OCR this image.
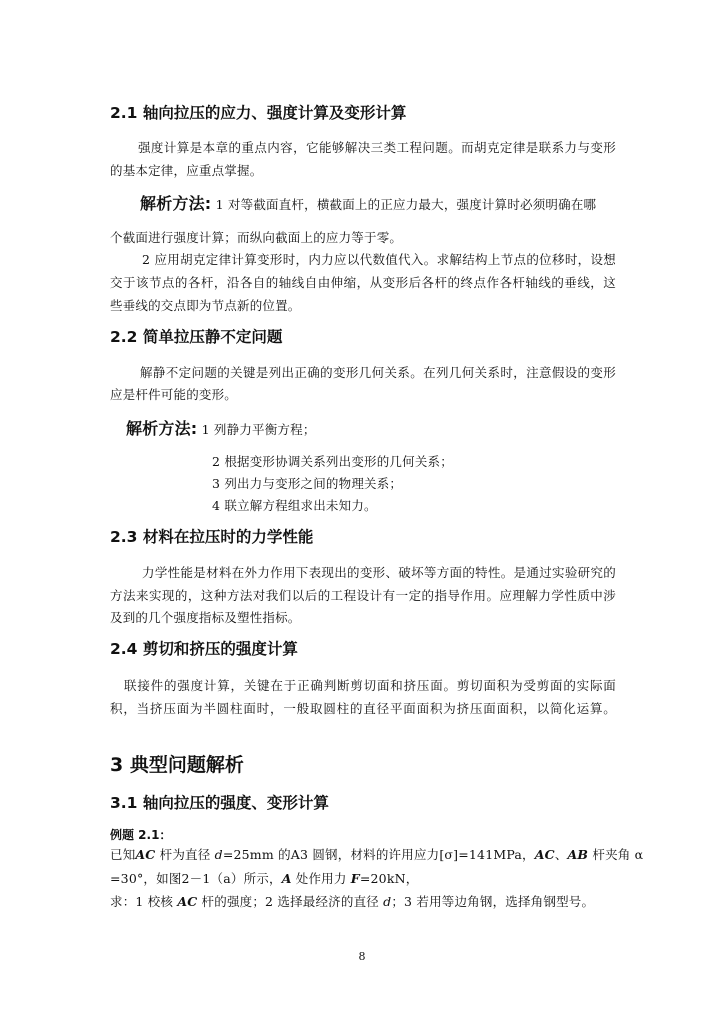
2.1 轴向拉压的应力、强度计算及变形计算
强度计算是本章的重点内容，它能够解决三类工程问题。而胡克定律是联系力与变形
的基本定律，应重点掌握。
解析方法: 1 对等截面直杆，横截面上的正应力最大，强度计算时必须明确在哪
个截面进行强度计算；而纵向截面上的应力等于零。
2 应用胡克定律计算变形时，内力应以代数值代入。求解结构上节点的位移时，设想
交于该节点的各杆，沿各自的轴线自由伸缩，从变形后各杆的终点作各杆轴线的垂线，这
些垂线的交点即为节点新的位置。
2.2 简单拉压静不定问题
解静不定问题的关键是列出正确的变形几何关系。在列几何关系时，注意假设的变形
应是杆件可能的变形。
解析方法: 1 列静力平衡方程；
2 根据变形协调关系列出变形的几何关系；
3 列出力与变形之间的物理关系；
4 联立解方程组求出未知力。
2.3 材料在拉压时的力学性能
力学性能是材料在外力作用下表现出的变形、破坏等方面的特性。是通过实验研究的
方法来实现的，这种方法对我们以后的工程设计有一定的指导作用。应理解力学性质中涉
及到的几个强度指标及塑性指标。
2.4 剪切和挤压的强度计算
联接件的强度计算，关键在于正确判断剪切面和挤压面。剪切面积为受剪面的实际面
积，当挤压面为半圆柱面时，一般取圆柱的直径平面面积为挤压面面积，以简化运算。
3 典型问题解析
3.1 轴向拉压的强度、变形计算
例题 2.1：
已知AC 杆为直径 d=25mm 的A3 圆钢，材料的许用应力[σ]=141MPa，AC、AB 杆夹角 α
=30°，如图2－1（a）所示，A 处作用力 F=20kN，
求：1 校核 AC 杆的强度；2 选择最经济的直径 d；3 若用等边角钢，选择角钢型号。
8
